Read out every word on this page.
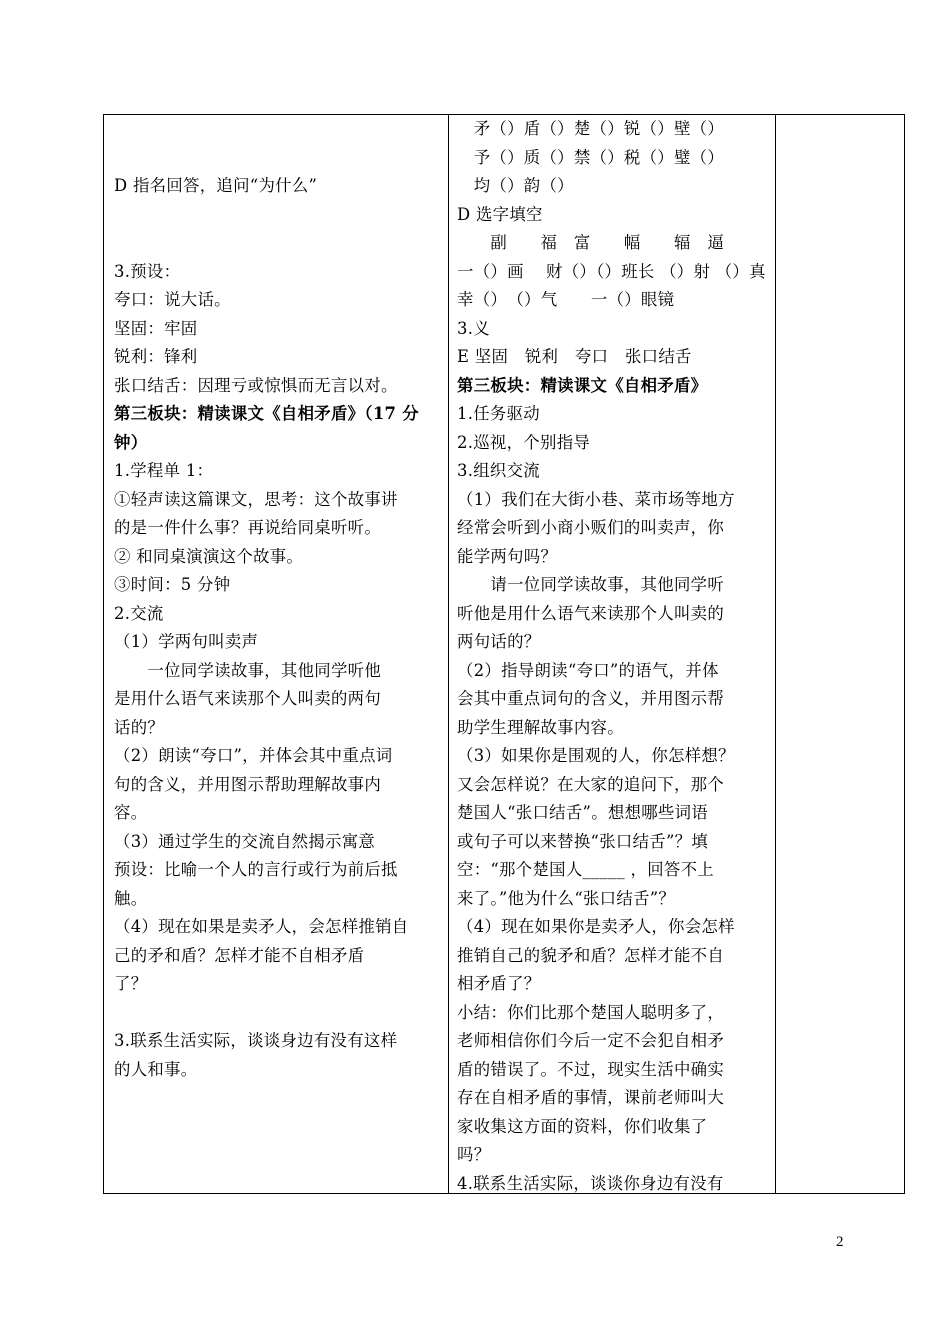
D 指名回答，追问“为什么”
3.预设：
夸口：说大话。
坚固：牢固
锐利：锋利
张口结舌：因理亏或惊惧而无言以对。
第三板块：精读课文《自相矛盾》（17 分
钟）
1.学程单 1：
①轻声读这篇课文，思考：这个故事讲
的是一件什么事？再说给同桌听听。
② 和同桌演演这个故事。
③时间：5 分钟
2.交流
（1）学两句叫卖声
　　一位同学读故事，其他同学听他
是用什么语气来读那个人叫卖的两句
话的？
（2）朗读“夸口”，并体会其中重点词
句的含义，并用图示帮助理解故事内
容。
（3）通过学生的交流自然揭示寓意
预设：比喻一个人的言行或行为前后抵
触。
（4）现在如果是卖矛人，会怎样推销自
己的矛和盾？怎样才能不自相矛盾
了？
3.联系生活实际，谈谈身边有没有这样
的人和事。
　矛（）盾（）楚（）锐（）壁（）
　予（）质（）禁（）税（）璧（）
　均（）韵（）
D 选字填空
　　副　　福　富　　幅　　辐　逼
一（）画　 财（）（）班长 （）射 （）真
幸（）　（）气　　一（）眼镜
3.义
E 坚固　锐利　夸口　张口结舌
第三板块：精读课文《自相矛盾》
1.任务驱动
2.巡视，个别指导
3.组织交流
（1）我们在大街小巷、菜市场等地方
经常会听到小商小贩们的叫卖声，你
能学两句吗？
　　请一位同学读故事，其他同学听
听他是用什么语气来读那个人叫卖的
两句话的？
（2）指导朗读“夸口”的语气，并体
会其中重点词句的含义，并用图示帮
助学生理解故事内容。
（3）如果你是围观的人，你怎样想？
又会怎样说？在大家的追问下，那个
楚国人“张口结舌”。想想哪些词语
或句子可以来替换“张口结舌”？填
空：“那个楚国人_____ ，回答不上
来了。”他为什么“张口结舌”？
（4）现在如果你是卖矛人，你会怎样
推销自己的貌矛和盾？怎样才能不自
相矛盾了？
小结：你们比那个楚国人聪明多了，
老师相信你们今后一定不会犯自相矛
盾的错误了。不过，现实生活中确实
存在自相矛盾的事情，课前老师叫大
家收集这方面的资料，你们收集了
吗？
4.联系生活实际，谈谈你身边有没有
2
